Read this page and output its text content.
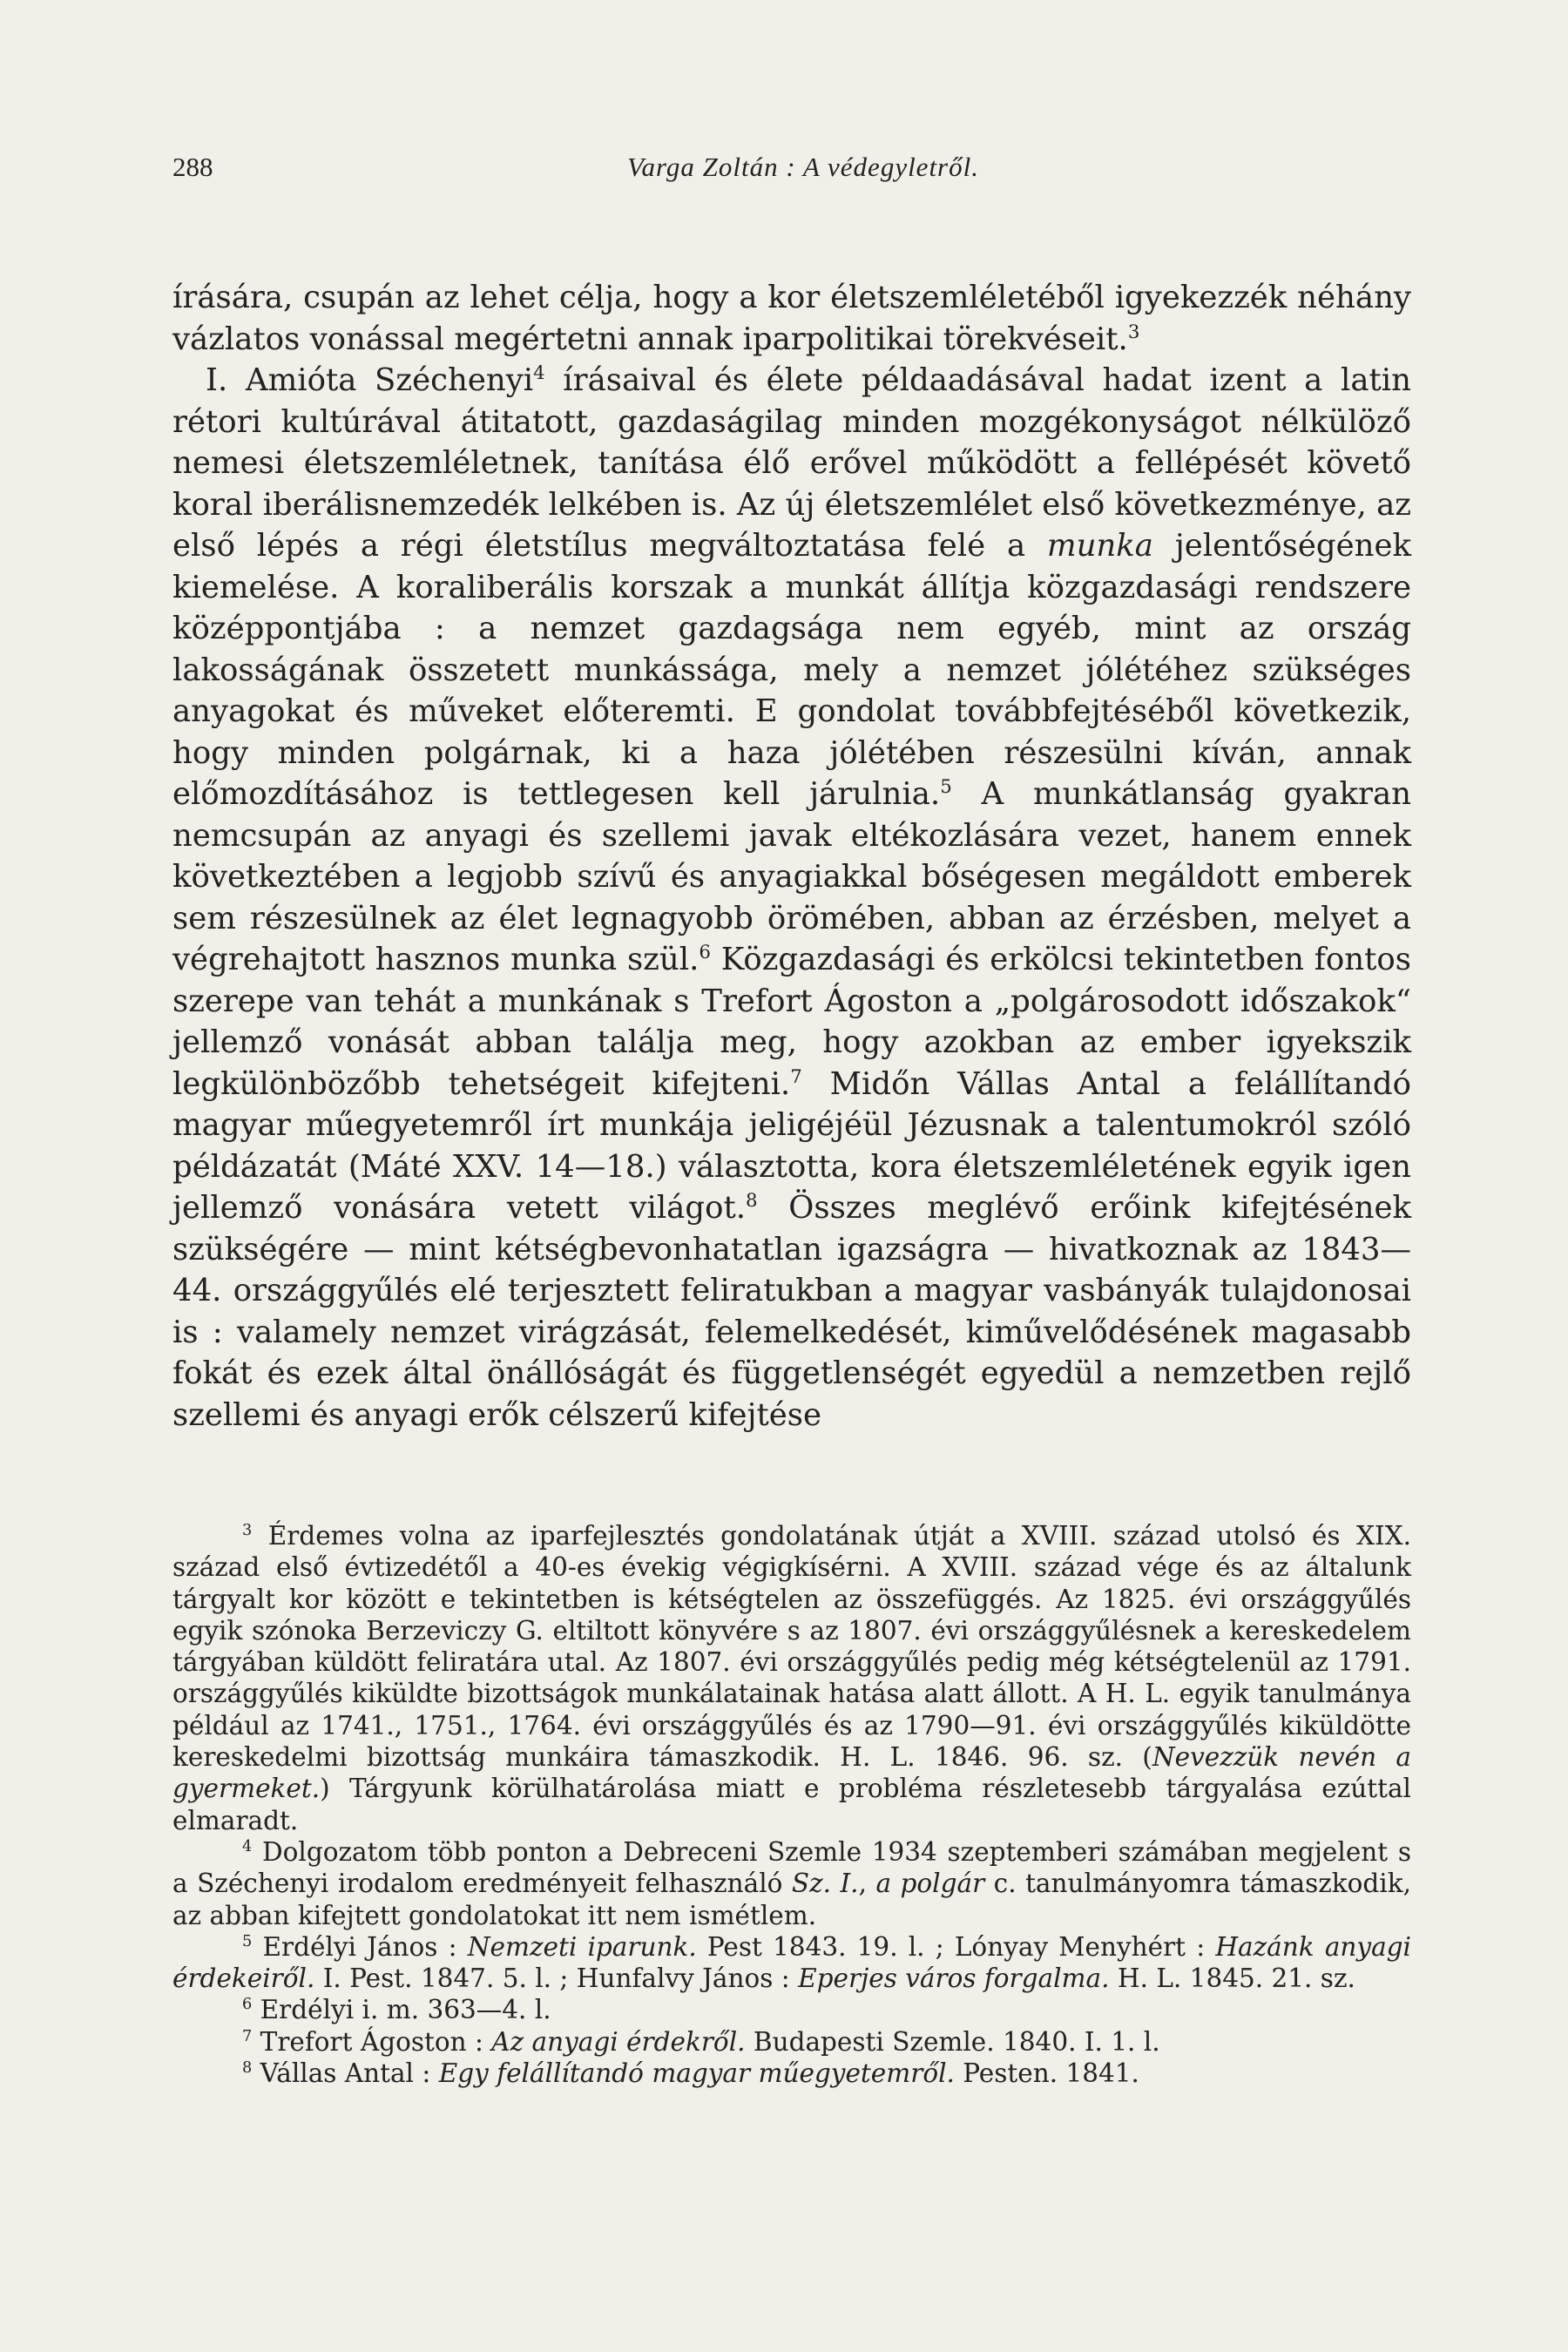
288	Varga Zoltán : A védegyletről.

írására, csupán az lehet célja, hogy a kor életszemléletéből igyekezzék néhány vázlatos vonással megértetni annak iparpolitikai törekvéseit.$^3$

I. Amióta Széchenyi$^4$ írásaival és élete példaadásával hadat izent a latin rétori kultúrával átitatott, gazdaságilag minden mozgékonyságot nélkülöző nemesi életszemléletnek, tanítása élő erővel működött a fellépését követő koral iberálisnemzedék lelkében is. Az új életszemlélet első következménye, az első lépés a régi életstílus megváltoztatása felé a munka jelentőségének kiemelése. A koraliberális korszak a munkát állítja közgazdasági rendszere középpontjába : a nemzet gazdagsága nem egyéb, mint az ország lakosságának összetett munkássága, mely a nemzet jólétéhez szükséges anyagokat és műveket előteremti. E gondolat továbbfejtéséből következik, hogy minden polgárnak, ki a haza jólétében részesülni kíván, annak előmozdításához is tettlegesen kell járulnia.$^5$ A munkátlanság gyakran nemcsupán az anyagi és szellemi javak eltékozlására vezet, hanem ennek következtében a legjobb szívű és anyagiakkal bőségesen megáldott emberek sem részesülnek az élet legnagyobb örömében, abban az érzésben, melyet a végrehajtott hasznos munka szül.$^6$ Közgazdasági és erkölcsi tekintetben fontos szerepe van tehát a munkának s Trefort Ágoston a „polgárosodott időszakok“ jellemző vonását abban találja meg, hogy azokban az ember igyekszik legkülönbözőbb tehetségeit kifejteni.$^7$ Midőn Vállas Antal a felállítandó magyar műegyetemről írt munkája jeligéjéül Jézusnak a talentumokról szóló példázatát (Máté XXV. 14—18.) választotta, kora életszemléletének egyik igen jellemző vonására vetett világot.$^8$ Összes meglévő erőink kifejtésének szükségére — mint kétségbevonhatatlan igazságra — hivatkoznak az 1843—44. országgyűlés elé terjesztett feliratukban a magyar vasbányák tulajdonosai is : valamely nemzet virágzását, felemelkedését, kiművelődésének magasabb fokát és ezek által önállóságát és függetlenségét egyedül a nemzetben rejlő szellemi és anyagi erők célszerű kifejtése

$^3$ Érdemes volna az iparfejlesztés gondolatának útját a XVIII. század utolsó és XIX. század első évtizedétől a 40-es évekig végigkísérni. A XVIII. század vége és az általunk tárgyalt kor között e tekintetben is kétségtelen az összefüggés. Az 1825. évi országgyűlés egyik szónoka Berzeviczy G. eltiltott könyvére s az 1807. évi országgyűlésnek a kereskedelem tárgyában küldött feliratára utal. Az 1807. évi országgyűlés pedig még kétségtelenül az 1791. országgyűlés kiküldte bizottságok munkálatainak hatása alatt állott. A H. L. egyik tanulmánya például az 1741., 1751., 1764. évi országgyűlés és az 1790—91. évi országgyűlés kiküldötte kereskedelmi bizottság munkáira támaszkodik. H. L. 1846. 96. sz. (Nevezzük nevén a gyermeket.) Tárgyunk körülhatárolása miatt e probléma részletesebb tárgyalása ezúttal elmaradt.

$^4$ Dolgozatom több ponton a Debreceni Szemle 1934 szeptemberi számában megjelent s a Széchenyi irodalom eredményeit felhasználó Sz. I., a polgár c. tanulmányomra támaszkodik, az abban kifejtett gondolatokat itt nem ismétlem.

$^5$ Erdélyi János : Nemzeti iparunk. Pest 1843. 19. l. ; Lónyay Menyhért : Hazánk anyagi érdekeiről. I. Pest. 1847. 5. l. ; Hunfalvy János : Eperjes város forgalma. H. L. 1845. 21. sz.

$^6$ Erdélyi i. m. 363—4. l.

$^7$ Trefort Ágoston : Az anyagi érdekről. Budapesti Szemle. 1840. I. 1. l.

$^8$ Vállas Antal : Egy felállítandó magyar műegyetemről. Pesten. 1841.
